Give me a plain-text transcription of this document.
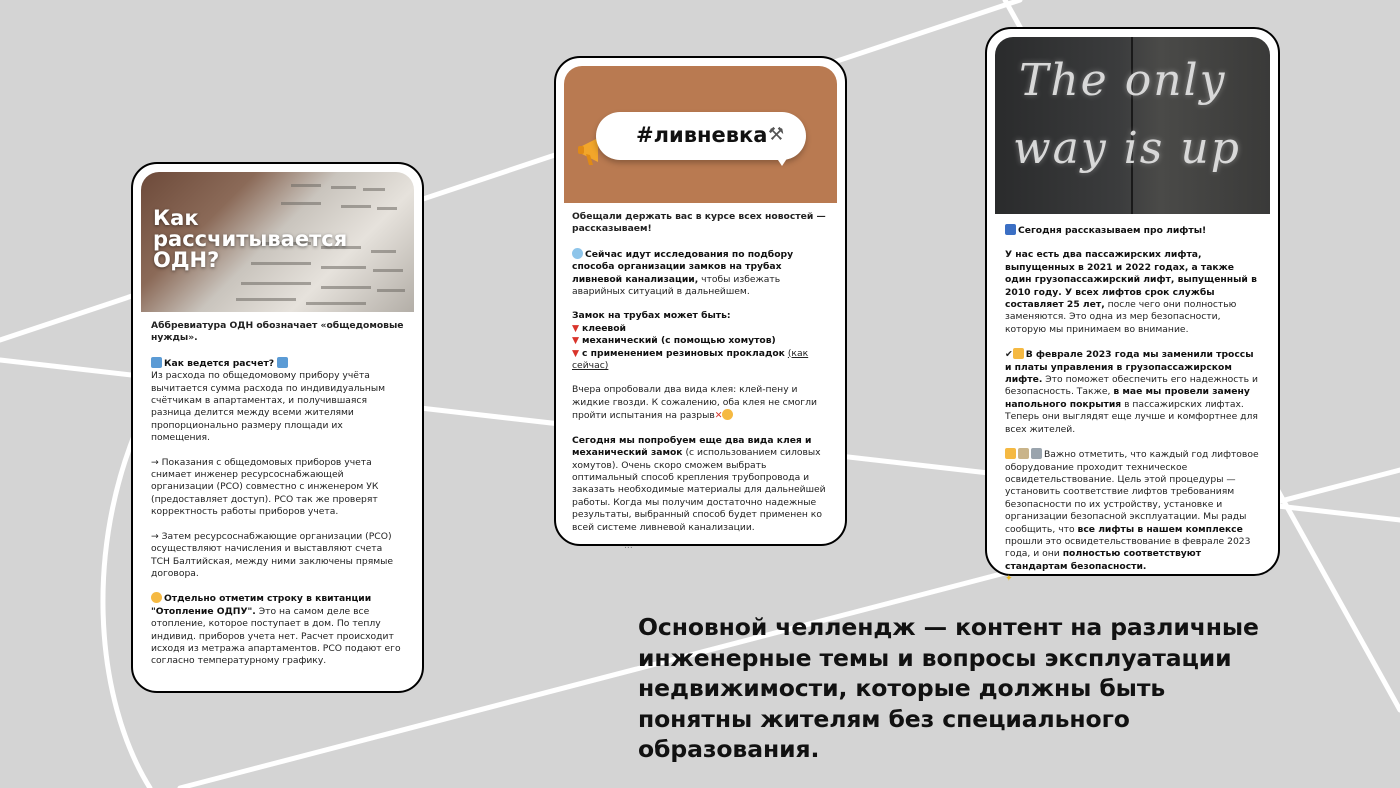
Как рассчитывается ОДН?

Аббревиатура ОДН обозначает «общедомовые нужды».

Как ведется расчет?
Из расхода по общедомовому прибору учёта вычитается сумма расхода по индивидуальным счётчикам в апартаментах, и получившаяся разница делится между всеми жителями пропорционально размеру площади их помещения.

→ Показания с общедомовых приборов учета снимает инженер ресурсоснабжающей организации (РСО) совместно с инженером УК (предоставляет доступ). РСО так же проверят корректность работы приборов учета.

→ Затем ресурсоснабжающие организации (РСО) осуществляют начисления и выставляют счета ТСН Балтийская, между ними заключены прямые договора.

Отдельно отметим строку в квитанции "Отопление ОДПУ". Это на самом деле все отопление, которое поступает в дом. По теплу индивид. приборов учета нет. Расчет происходит исходя из метража апартаментов. РСО подают его согласно температурному графику.

#ливневка ⚒

Обещали держать вас в курсе всех новостей — рассказываем!

Сейчас идут исследования по подбору способа организации замков на трубах ливневой канализации, чтобы избежать аварийных ситуаций в дальнейшем.

Замок на трубах может быть:
▼ клеевой
▼ механический (с помощью хомутов)
▼ с применением резиновых прокладок (как сейчас)

Вчера опробовали два вида клея: клей-пену и жидкие гвозди. К сожалению, оба клея не смогли пройти испытания на разрыв✕

Сегодня мы попробуем еще два вида клея и механический замок (с использованием силовых хомутов). Очень скоро сможем выбрать оптимальный способ крепления трубопровода и заказать необходимые материалы для дальнейшей работы. Когда мы получим достаточно надежные результаты, выбранный способ будет применен ко всей системе ливневой канализации.

...

The only
way is up

Сегодня рассказываем про лифты!

У нас есть два пассажирских лифта, выпущенных в 2021 и 2022 годах, а также один грузопассажирский лифт, выпущенный в 2010 году. У всех лифтов срок службы составляет 25 лет, после чего они полностью заменяются. Это одна из мер безопасности, которую мы принимаем во внимание.

✔ В феврале 2023 года мы заменили тросcы и платы управления в грузопассажирском лифте. Это поможет обеспечить его надежность и безопасность. Также, в мае мы провели замену напольного покрытия в пассажирских лифтах. Теперь они выглядят еще лучше и комфортнее для всех жителей.

Важно отметить, что каждый год лифтовое оборудование проходит техническое освидетельствование. Цель этой процедуры — установить соответствие лифтов требованиям безопасности по их устройству, установке и организации безопасной эксплуатации. Мы рады сообщить, что все лифты в нашем комплексе прошли это освидетельствование в феврале 2023 года, и они полностью соответствуют стандартам безопасности.
✦

Основной челлендж — контент на различные инженерные темы и вопросы эксплуатации недвижимости, которые должны быть понятны жителям без специального образования.
